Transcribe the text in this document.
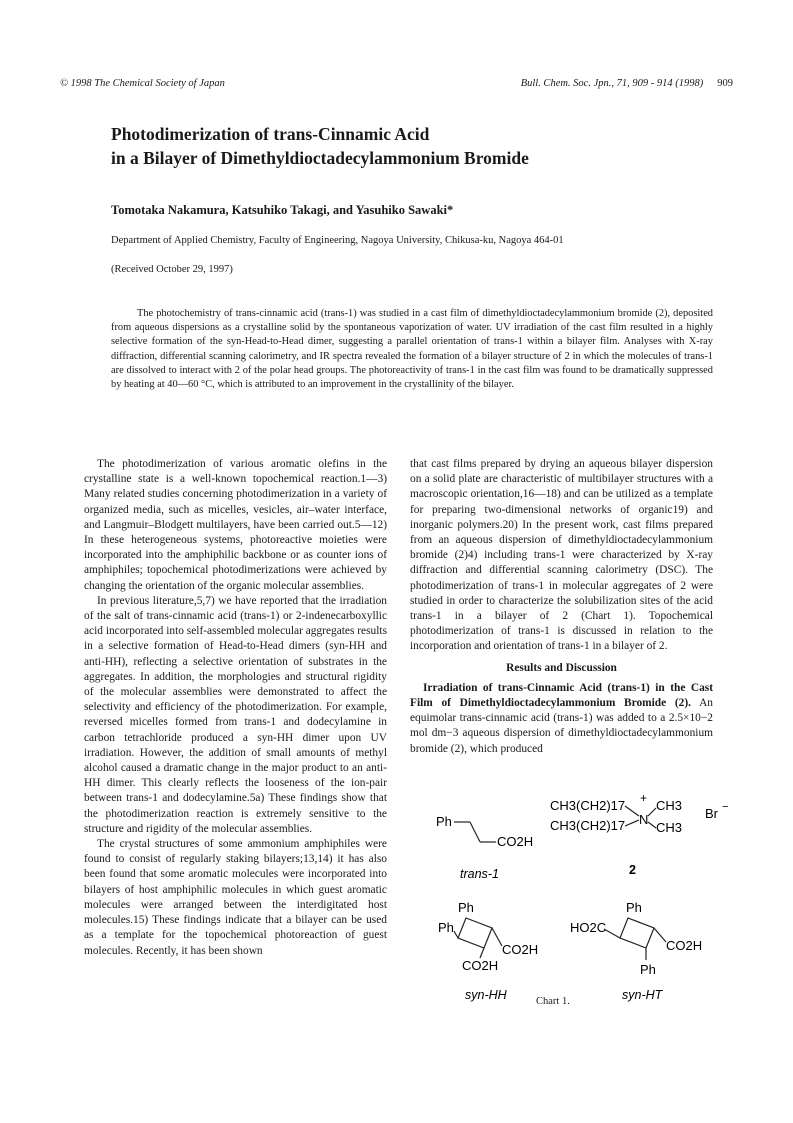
© 1998 The Chemical Society of Japan	Bull. Chem. Soc. Jpn., 71, 909 - 914 (1998) 909
Photodimerization of trans-Cinnamic Acid
in a Bilayer of Dimethyldioctadecylammonium Bromide
Tomotaka Nakamura, Katsuhiko Takagi, and Yasuhiko Sawaki*
Department of Applied Chemistry, Faculty of Engineering, Nagoya University, Chikusa-ku, Nagoya 464-01
(Received October 29, 1997)

The photochemistry of trans-cinnamic acid (trans-1) was studied in a cast film of dimethyldioctadecylammonium bromide (2), deposited from aqueous dispersions as a crystalline solid by the spontaneous vaporization of water. UV irradiation of the cast film resulted in a highly selective formation of the syn-Head-to-Head dimer, suggesting a parallel orientation of trans-1 within a bilayer film. Analyses with X-ray diffraction, differential scanning calorimetry, and IR spectra revealed the formation of a bilayer structure of 2 in which the molecules of trans-1 are dissolved to interact with 2 of the polar head groups. The photoreactivity of trans-1 in the cast film was found to be dramatically suppressed by heating at 40—60 °C, which is attributed to an improvement in the crystallinity of the bilayer.

The photodimerization of various aromatic olefins in the crystalline state is a well-known topochemical reaction.1—3) Many related studies concerning photodimerization in a variety of organized media, such as micelles, vesicles, air–water interface, and Langmuir–Blodgett multilayers, have been carried out.5—12) In these heterogeneous systems, photoreactive moieties were incorporated into the amphiphilic backbone or as counter ions of amphiphiles; topochemical photodimerizations were achieved by changing the orientation of the organic molecular assemblies.

In previous literature,5,7) we have reported that the irradiation of the salt of trans-cinnamic acid (trans-1) or 2-indenecarboxyllic acid incorporated into self-assembled molecular aggregates results in a selective formation of Head-to-Head dimers (syn-HH and anti-HH), reflecting a selective orientation of substrates in the aggregates. In addition, the morphologies and structural rigidity of the molecular assemblies were demonstrated to affect the selectivity and efficiency of the photodimerization. For example, reversed micelles formed from trans-1 and dodecylamine in carbon tetrachloride produced a syn-HH dimer upon UV irradiation. However, the addition of small amounts of methyl alcohol caused a dramatic change in the major product to an anti-HH dimer. This clearly reflects the looseness of the ion-pair between trans-1 and dodecylamine.5a) These findings show that the photodimerization reaction is extremely sensitive to the structure and rigidity of the molecular assemblies.

The crystal structures of some ammonium amphiphiles were found to consist of regularly staking bilayers;13,14) it has also been found that some aromatic molecules were incorporated into bilayers of host amphiphilic molecules in which guest aromatic molecules were arranged between the interdigitated host molecules.15) These findings indicate that a bilayer can be used as a template for the topochemical photoreaction of guest molecules. Recently, it has been shown

that cast films prepared by drying an aqueous bilayer dispersion on a solid plate are characteristic of multibilayer structures with a macroscopic orientation,16—18) and can be utilized as a template for preparing two-dimensional networks of organic19) and inorganic polymers.20) In the present work, cast films prepared from an aqueous dispersion of dimethyldioctadecylammonium bromide (2)4) including trans-1 were characterized by X-ray diffraction and differential scanning calorimetry (DSC). The photodimerization of trans-1 in molecular aggregates of 2 were studied in order to characterize the solubilization sites of the acid trans-1 in a bilayer of 2 (Chart 1). Topochemical photodimerization of trans-1 is discussed in relation to the incorporation and orientation of trans-1 in a bilayer of 2.

Results and Discussion

Irradiation of trans-Cinnamic Acid (trans-1) in the Cast Film of Dimethyldioctadecylammonium Bromide (2). An equimolar trans-cinnamic acid (trans-1) was added to a 2.5×10−2 mol dm−3 aqueous dispersion of dimethyldioctadecylammonium bromide (2), which produced

Ph
CO2H
trans-1
CH3(CH2)17
CH3(CH2)17 N
+ CH3
CH3
Br −
2
Ph
Ph
CO2H
CO2H
syn-HH
Ph
HO2C
CO2H
Ph
syn-HT
Chart 1.
